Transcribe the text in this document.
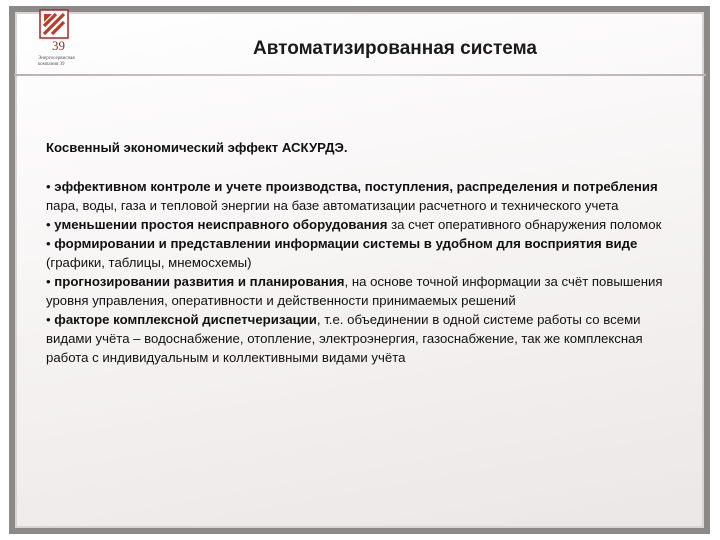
39
Энергосервисная компания 39
Автоматизированная система
Косвенный экономический эффект АСКУРДЭ.

• эффективном контроле и учете производства, поступления, распределения и потребления пара, воды, газа и тепловой энергии на базе автоматизации расчетного и технического учета

• уменьшении простоя неисправного оборудования за счет оперативного обнаружения поломок

• формировании и представлении информации системы в удобном для восприятия виде (графики, таблицы, мнемосхемы)

• прогнозировании развития и планирования, на основе точной информации за счёт повышения уровня управления, оперативности и действенности принимаемых решений

• факторе комплексной диспетчеризации, т.е. объединении в одной системе работы со всеми видами учёта – водоснабжение, отопление, электроэнергия, газоснабжение, так же комплексная работа с индивидуальным и коллективными видами учёта
